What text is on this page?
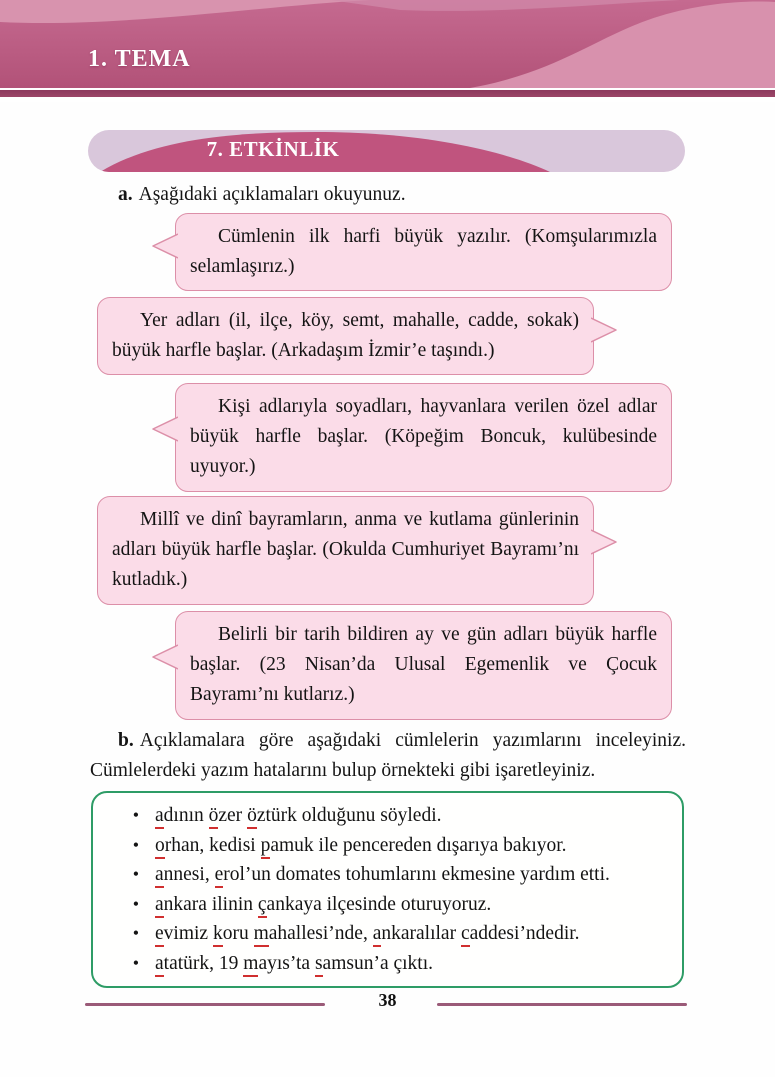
1. TEMA
7. ETKİNLİK

a. Aşağıdaki açıklamaları okuyunuz.

Cümlenin ilk harfi büyük yazılır. (Komşularımızla selamlaşırız.)

Yer adları (il, ilçe, köy, semt, mahalle, cadde, sokak) büyük harfle başlar. (Arkadaşım İzmir’e taşındı.)

Kişi adlarıyla soyadları, hayvanlara verilen özel adlar büyük harfle başlar. (Köpeğim Boncuk, kulübesinde uyuyor.)

Millî ve dinî bayramların, anma ve kutlama günlerinin adları büyük harfle başlar. (Okulda Cumhuriyet Bayramı’nı kutladık.)

Belirli bir tarih bildiren ay ve gün adları büyük harfle başlar. (23 Nisan’da Ulusal Egemenlik ve Çocuk Bayramı’nı kutlarız.)

b. Açıklamalara göre aşağıdaki cümlelerin yazımlarını inceleyiniz. Cümlelerdeki yazım hatalarını bulup örnekteki gibi işaretleyiniz.

• adının özer öztürk olduğunu söyledi.
• orhan, kedisi pamuk ile pencereden dışarıya bakıyor.
• annesi, erol’un domates tohumlarını ekmesine yardım etti.
• ankara ilinin çankaya ilçesinde oturuyoruz.
• evimiz koru mahallesi’nde, ankaralılar caddesi’ndedir.
• atatürk, 19 mayıs’ta samsun’a çıktı.
38
